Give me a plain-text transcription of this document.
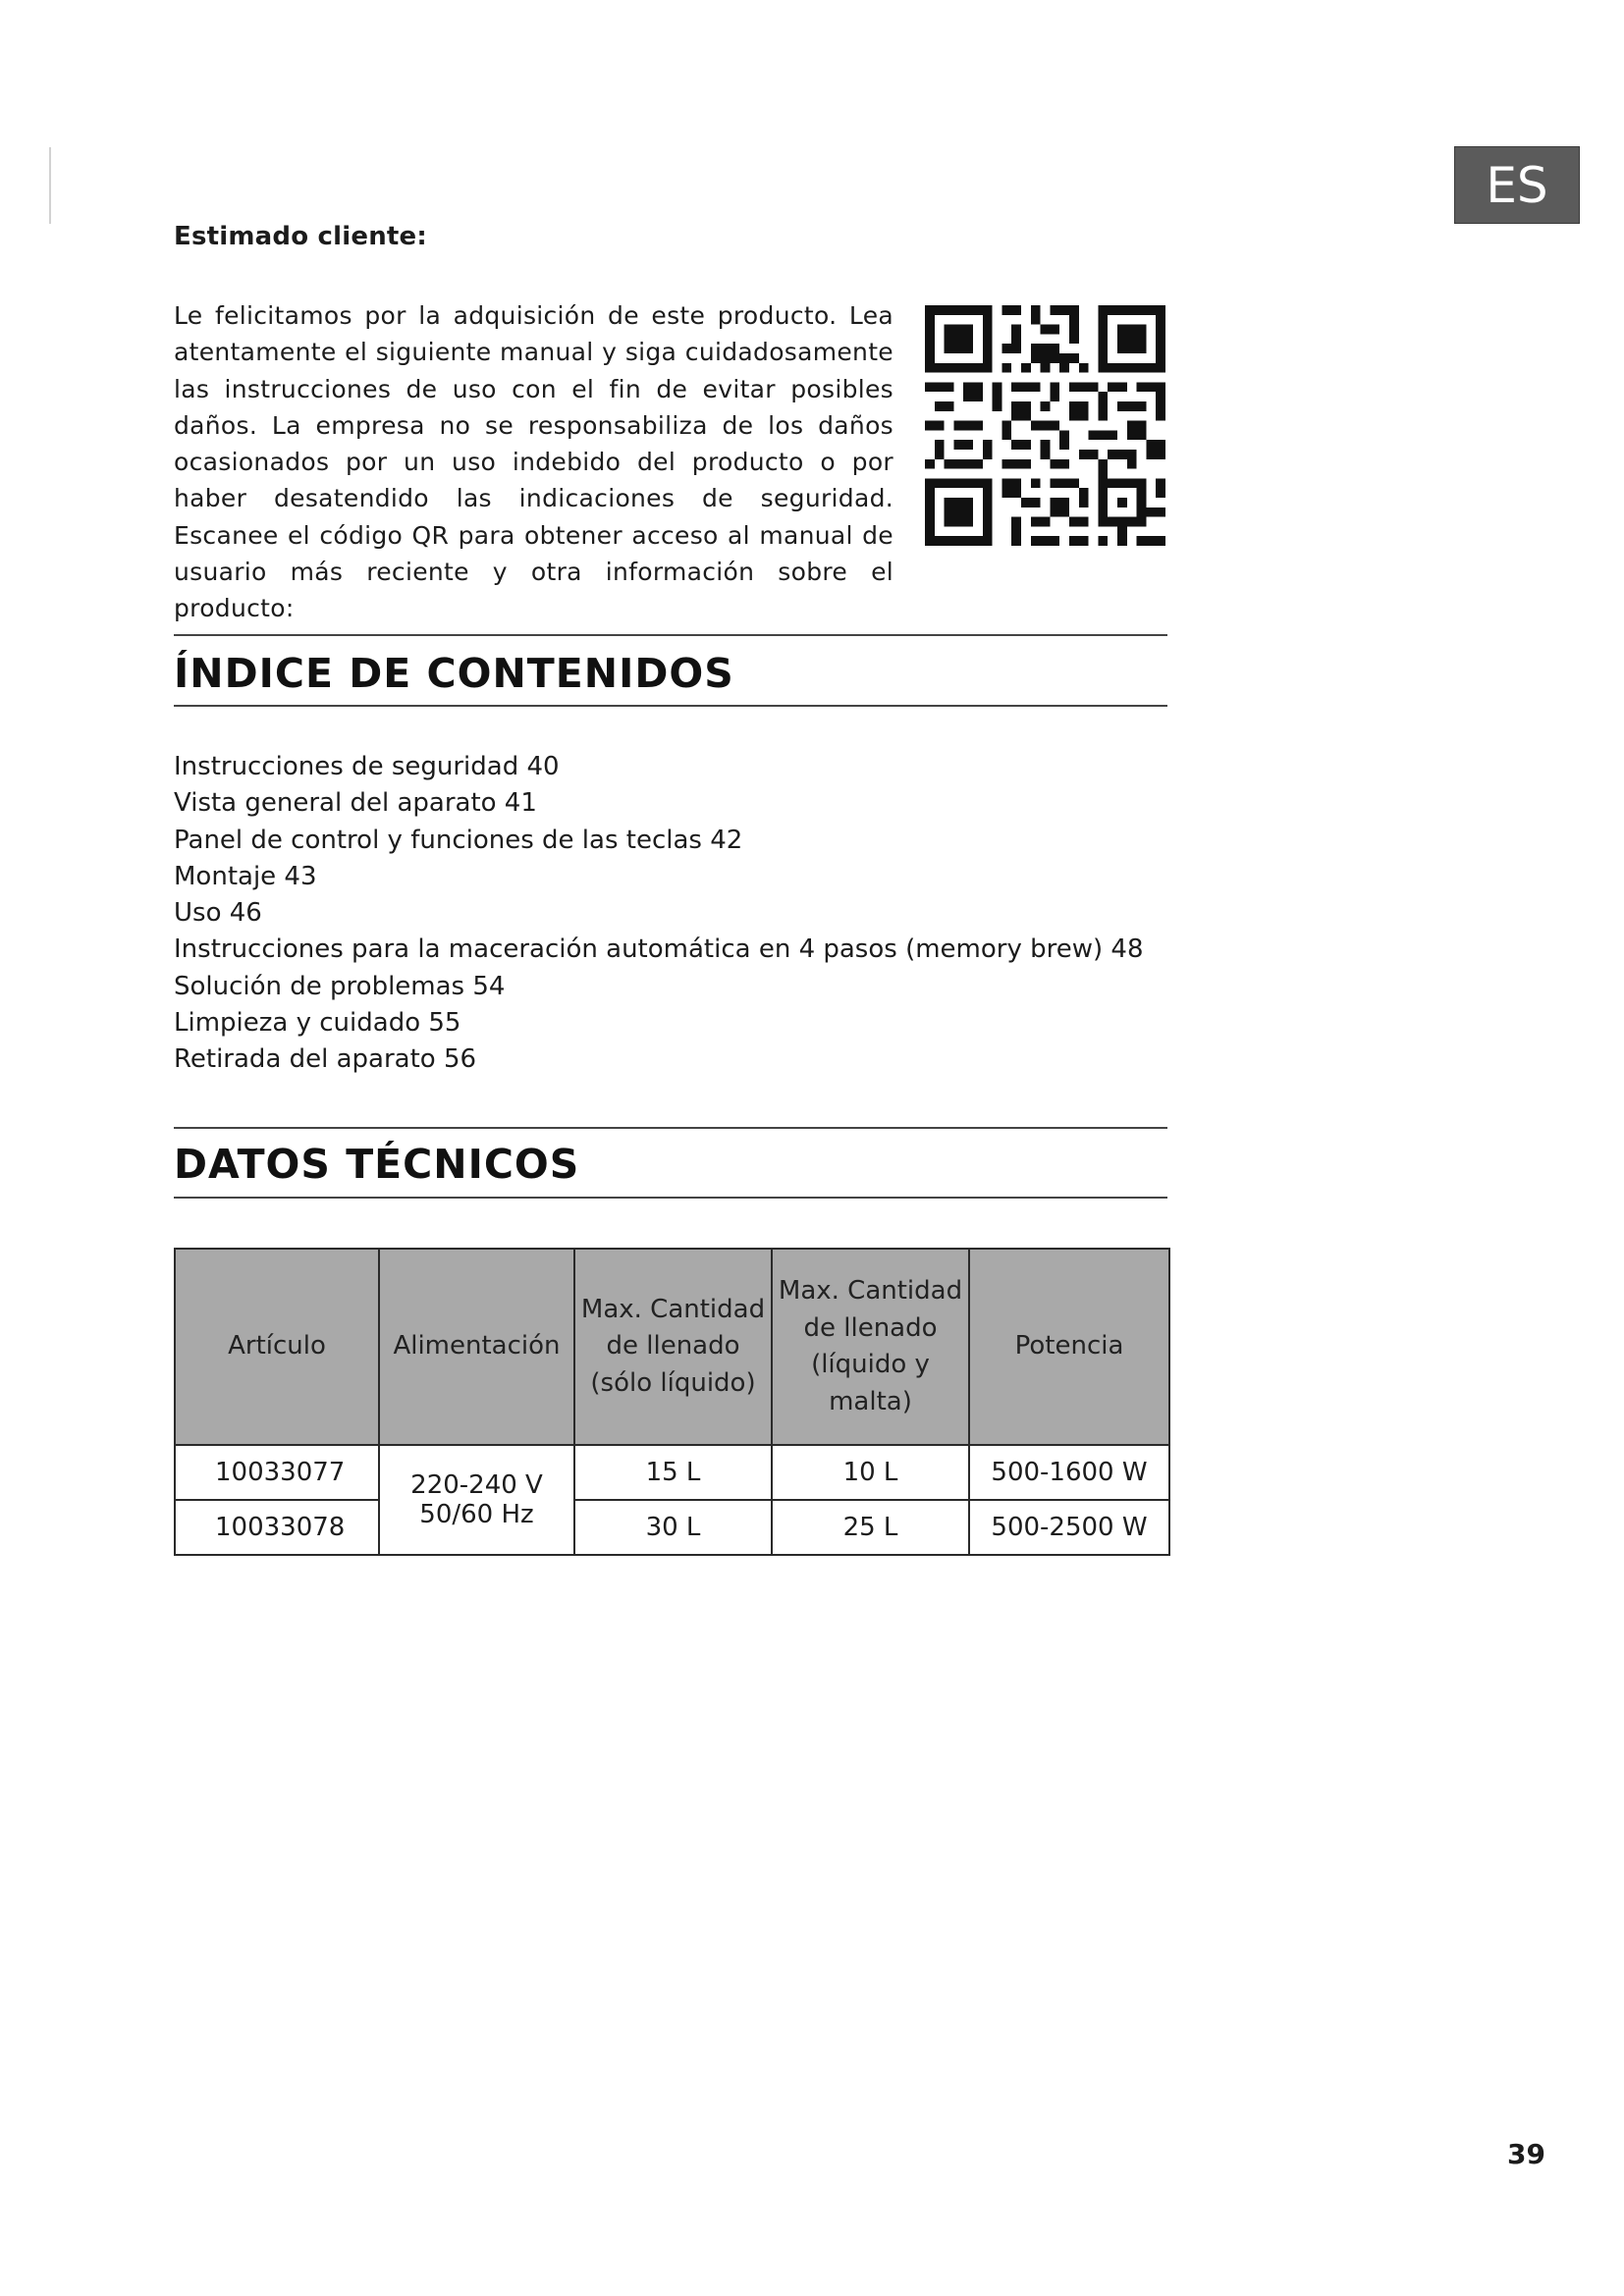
ES
Estimado cliente:

Le felicitamos por la adquisición de este producto. Lea atentamente el siguiente manual y siga cuidadosamente las instrucciones de uso con el fin de evitar posibles daños. La empresa no se responsabiliza de los daños ocasionados por un uso indebido del producto o por haber desatendido las indicaciones de seguridad. Escanee el código QR para obtener acceso al manual de usuario más reciente y otra información sobre el producto:

ÍNDICE DE CONTENIDOS
Instrucciones de seguridad 40
Vista general del aparato 41
Panel de control y funciones de las teclas 42
Montaje 43
Uso 46
Instrucciones para la maceración automática en 4 pasos (memory brew) 48
Solución de problemas 54
Limpieza y cuidado 55
Retirada del aparato 56
DATOS TÉCNICOS
Artículo	Alimentación	Max. Cantidad de llenado (sólo líquido)	Max. Cantidad de llenado (líquido y malta)	Potencia
10033077	220-240 V 50/60 Hz	15 L	10 L	500-1600 W
10033078		30 L	25 L	500-2500 W
39
